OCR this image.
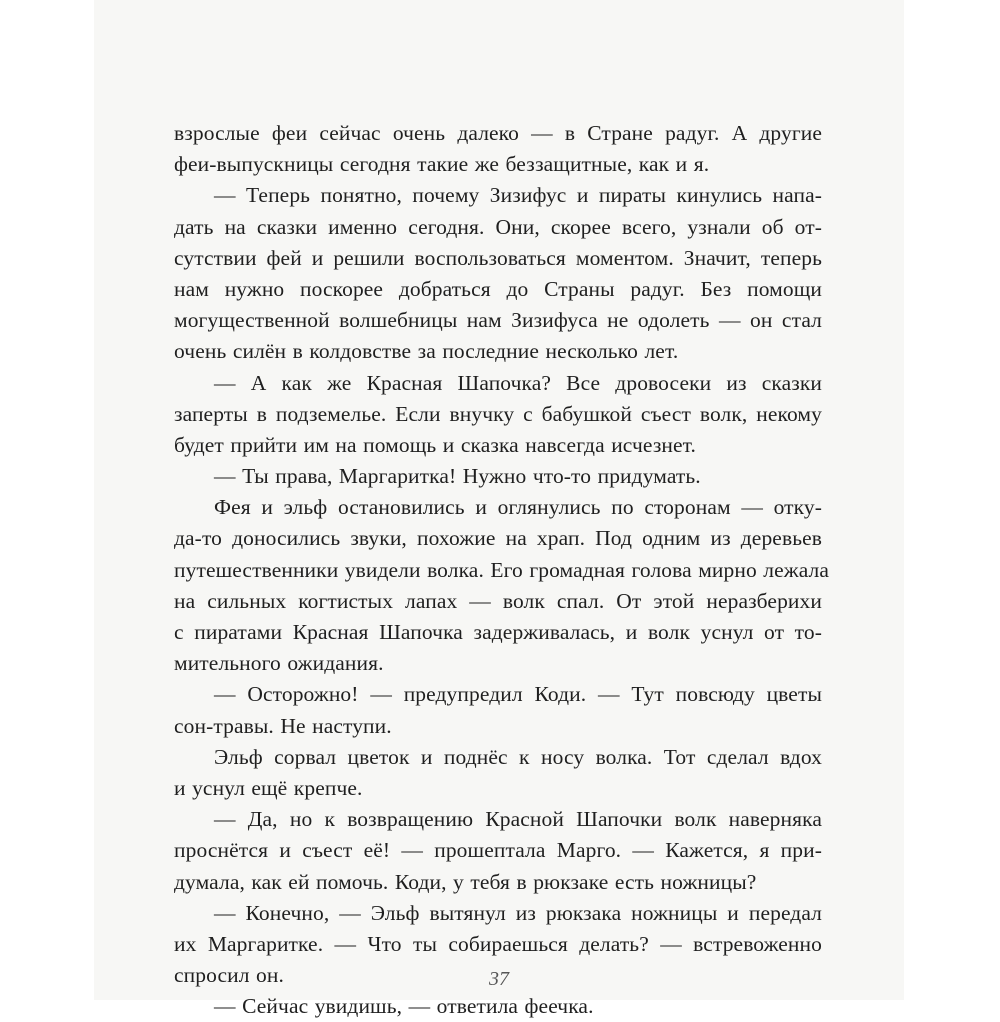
взрослые феи сейчас очень далеко — в Стране радуг. А другие
феи-выпускницы сегодня такие же беззащитные, как и я.
— Теперь понятно, почему Зизифус и пираты кинулись напа-
дать на сказки именно сегодня. Они, скорее всего, узнали об от-
сутствии фей и решили воспользоваться моментом. Значит, теперь
нам нужно поскорее добраться до Страны радуг. Без помощи
могущественной волшебницы нам Зизифуса не одолеть — он стал
очень силён в колдовстве за последние несколько лет.
— А как же Красная Шапочка? Все дровосеки из сказки
заперты в подземелье. Если внучку с бабушкой съест волк, некому
будет прийти им на помощь и сказка навсегда исчезнет.
— Ты права, Маргаритка! Нужно что-то придумать.
Фея и эльф остановились и оглянулись по сторонам — отку-
да-то доносились звуки, похожие на храп. Под одним из деревьев
путешественники увидели волка. Его громадная голова мирно лежала
на сильных когтистых лапах — волк спал. От этой неразберихи
с пиратами Красная Шапочка задерживалась, и волк уснул от то-
мительного ожидания.
— Осторожно! — предупредил Коди. — Тут повсюду цветы
сон-травы. Не наступи.
Эльф сорвал цветок и поднёс к носу волка. Тот сделал вдох
и уснул ещё крепче.
— Да, но к возвращению Красной Шапочки волк наверняка
проснётся и съест её! — прошептала Марго. — Кажется, я при-
думала, как ей помочь. Коди, у тебя в рюкзаке есть ножницы?
— Конечно, — Эльф вытянул из рюкзака ножницы и передал
их Маргаритке. — Что ты собираешься делать? — встревоженно
спросил он.
— Сейчас увидишь, — ответила феечка.
37
